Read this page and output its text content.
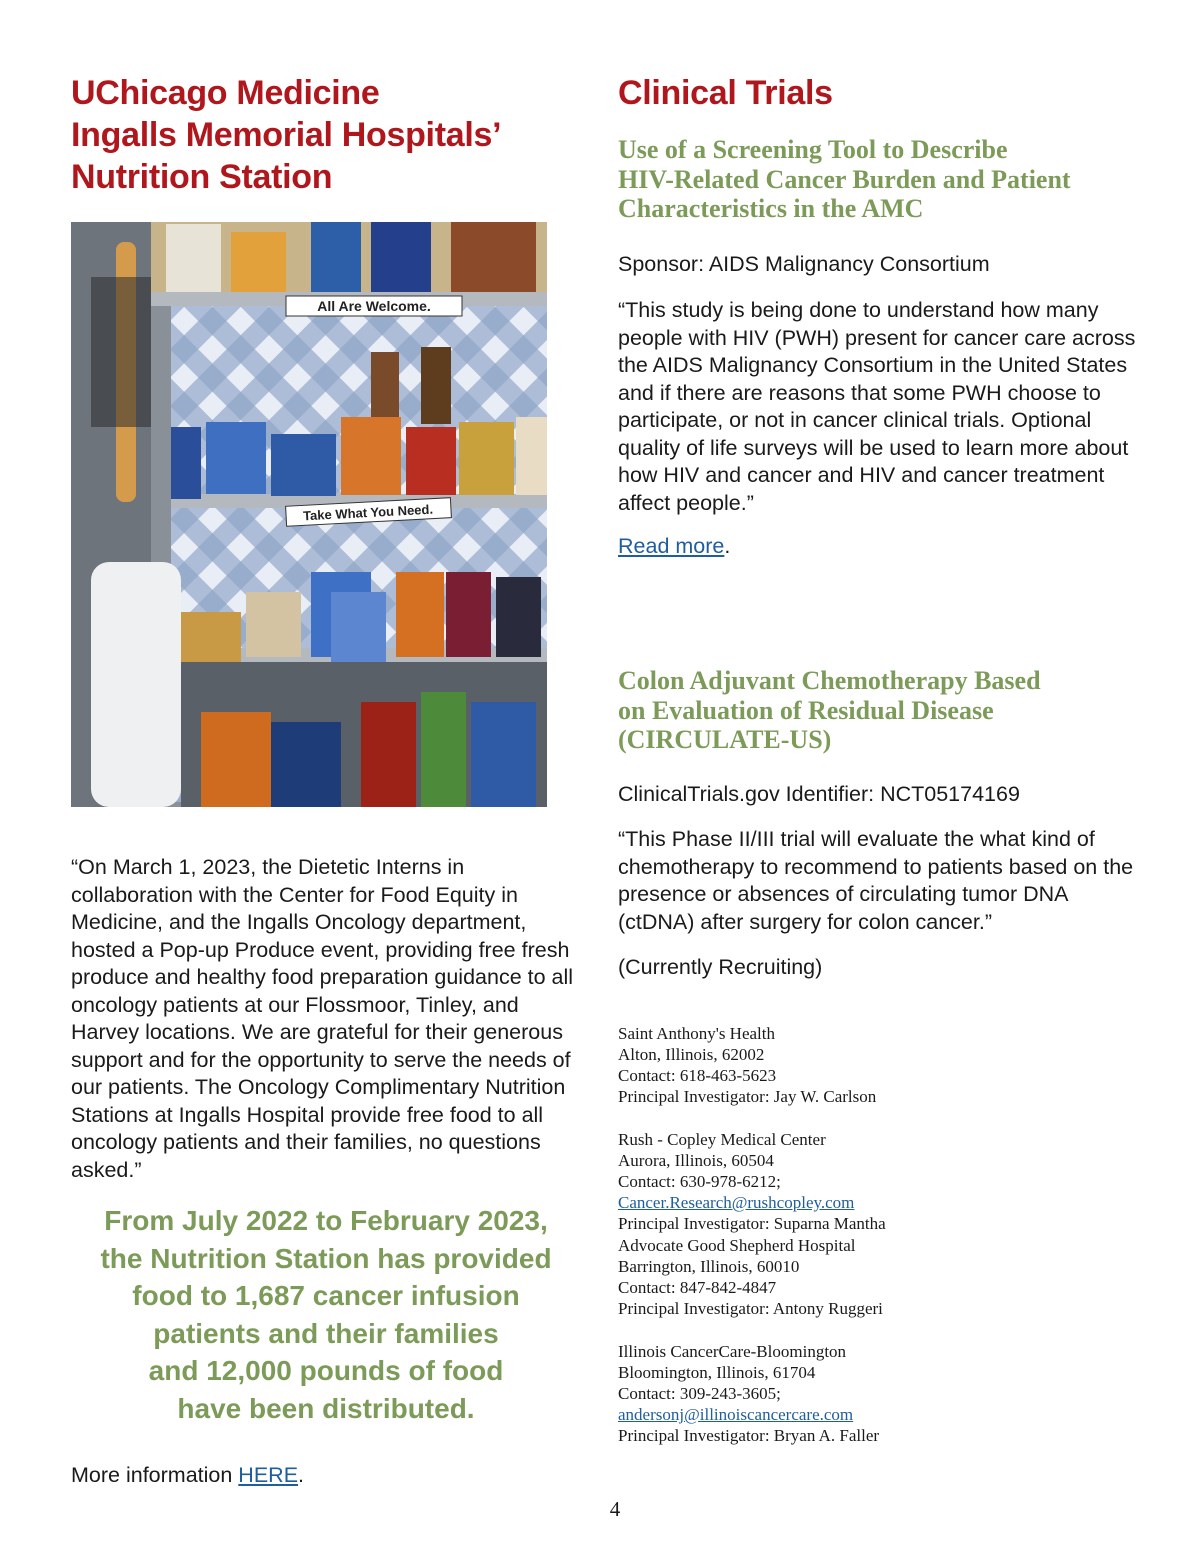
UChicago Medicine
Ingalls Memorial Hospitals’
Nutrition Station
All Are Welcome.
Take What You Need.

“On March 1, 2023, the Dietetic Interns in collaboration with the Center for Food Equity in Medicine, and the Ingalls Oncology department, hosted a Pop-up Produce event, providing free fresh produce and healthy food preparation guidance to all oncology patients at our Flossmoor, Tinley, and Harvey locations. We are grateful for their generous support and for the opportunity to serve the needs of our patients. The Oncology Complimentary Nutrition Stations at Ingalls Hospital provide free food to all oncology patients and their families, no questions asked.”

From July 2022 to February 2023,
the Nutrition Station has provided
food to 1,687 cancer infusion
patients and their families
and 12,000 pounds of food
have been distributed.

More information HERE.

Clinical Trials
Use of a Screening Tool to Describe
HIV-Related Cancer Burden and Patient
Characteristics in the AMC

Sponsor: AIDS Malignancy Consortium

“This study is being done to understand how many people with HIV (PWH) present for cancer care across the AIDS Malignancy Consortium in the United States and if there are reasons that some PWH choose to participate, or not in cancer clinical trials. Optional quality of life surveys will be used to learn more about how HIV and cancer and HIV and cancer treatment affect people.”

Read more.

Colon Adjuvant Chemotherapy Based
on Evaluation of Residual Disease
(CIRCULATE-US)

ClinicalTrials.gov Identifier: NCT05174169

“This Phase II/III trial will evaluate the what kind of chemotherapy to recommend to patients based on the presence or absences of circulating tumor DNA (ctDNA) after surgery for colon cancer.”

(Currently Recruiting)

Saint Anthony's Health
Alton, Illinois, 62002
Contact: 618-463-5623
Principal Investigator: Jay W. Carlson

Rush - Copley Medical Center
Aurora, Illinois, 60504
Contact: 630-978-6212;
Cancer.Research@rushcopley.com
Principal Investigator: Suparna Mantha

Advocate Good Shepherd Hospital
Barrington, Illinois, 60010
Contact: 847-842-4847
Principal Investigator: Antony Ruggeri

Illinois CancerCare-Bloomington
Bloomington, Illinois, 61704
Contact: 309-243-3605;
andersonj@illinoiscancercare.com
Principal Investigator: Bryan A. Faller

4
